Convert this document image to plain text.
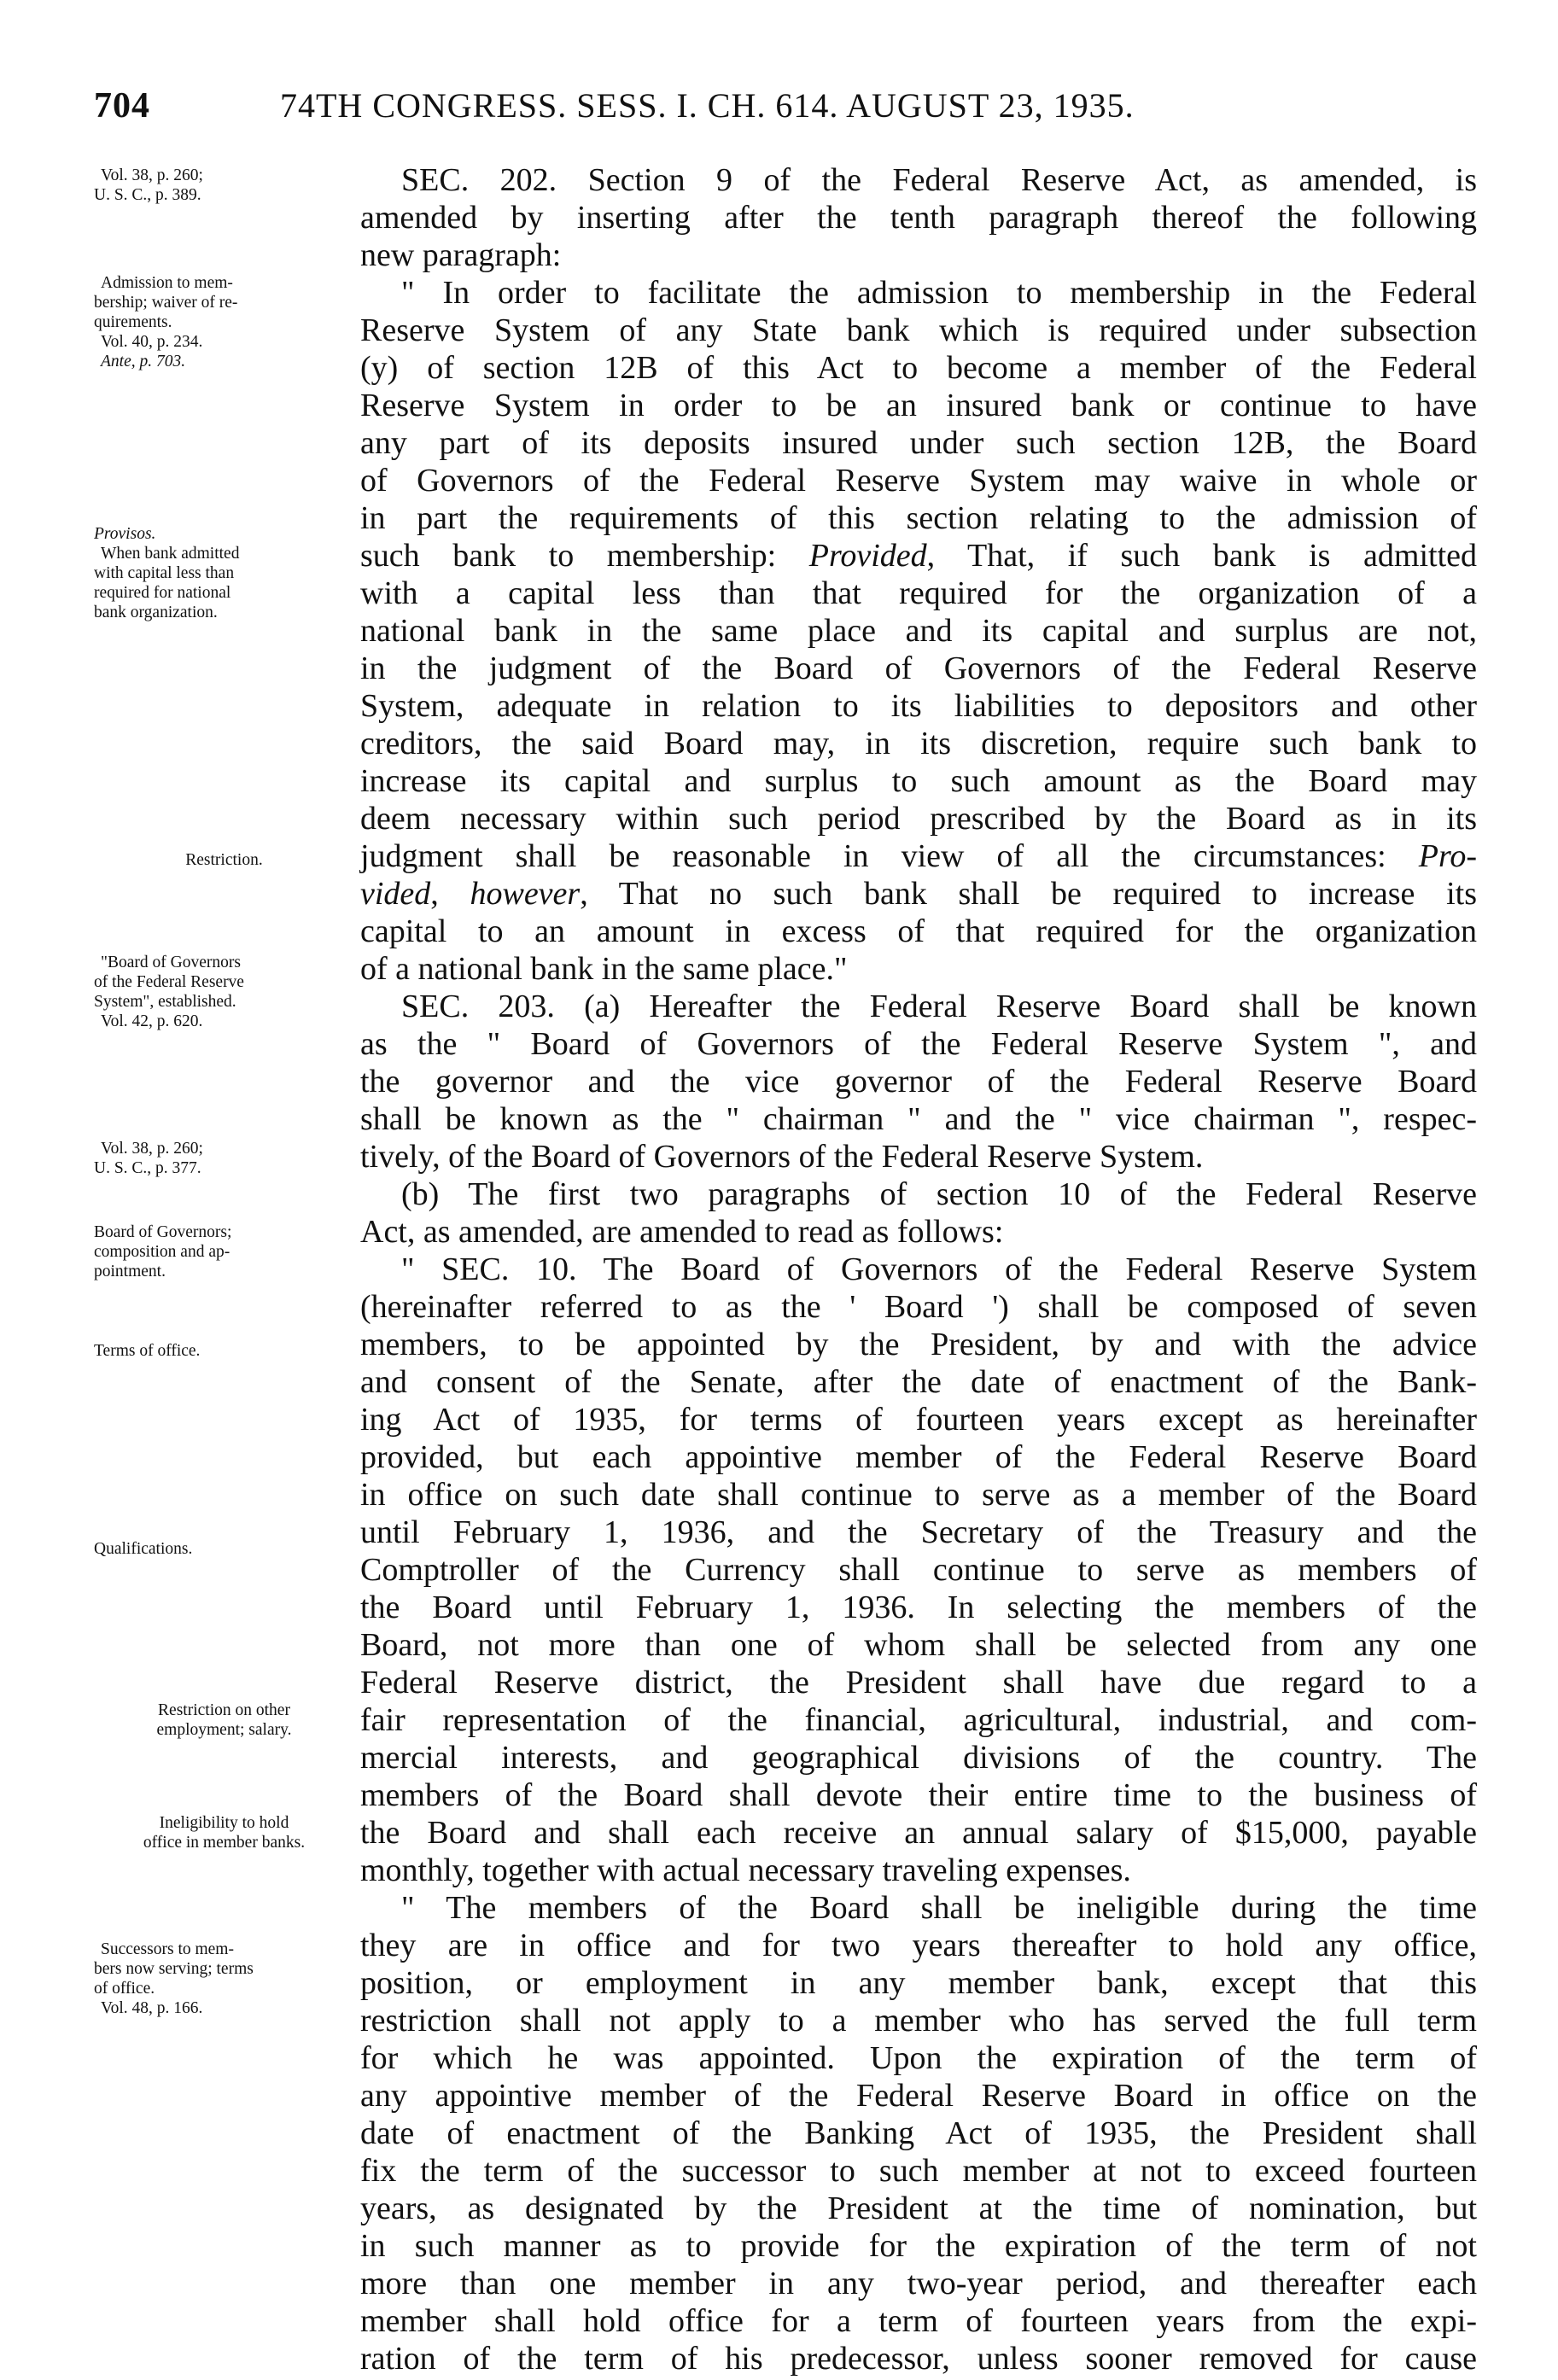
704	74TH CONGRESS. SESS. I. CH. 614. AUGUST 23, 1935.
Vol. 38, p. 260;
U. S. C., p. 389.
Admission to mem-
bership; waiver of re-
quirements.
Vol. 40, p. 234.
Ante, p. 703.
Provisos.
When bank admitted
with capital less than
required for national
bank organization.
Restriction.
"Board of Governors
of the Federal Reserve
System", established.
Vol. 42, p. 620.
Vol. 38, p. 260;
U. S. C., p. 377.
Board of Governors;
composition and ap-
pointment.
Terms of office.
Qualifications.
Restriction on other
employment; salary.
Ineligibility to hold
office in member banks.
Successors to mem-
bers now serving; terms
of office.
Vol. 48, p. 166.
SEC. 202. Section 9 of the Federal Reserve Act, as amended, is
amended by inserting after the tenth paragraph thereof the following
new paragraph:
" In order to facilitate the admission to membership in the Federal
Reserve System of any State bank which is required under subsection
(y) of section 12B of this Act to become a member of the Federal
Reserve System in order to be an insured bank or continue to have
any part of its deposits insured under such section 12B, the Board
of Governors of the Federal Reserve System may waive in whole or
in part the requirements of this section relating to the admission of
such bank to membership: Provided, That, if such bank is admitted
with a capital less than that required for the organization of a
national bank in the same place and its capital and surplus are not,
in the judgment of the Board of Governors of the Federal Reserve
System, adequate in relation to its liabilities to depositors and other
creditors, the said Board may, in its discretion, require such bank to
increase its capital and surplus to such amount as the Board may
deem necessary within such period prescribed by the Board as in its
judgment shall be reasonable in view of all the circumstances: Pro-
vided, however, That no such bank shall be required to increase its
capital to an amount in excess of that required for the organization
of a national bank in the same place."
SEC. 203. (a) Hereafter the Federal Reserve Board shall be known
as the " Board of Governors of the Federal Reserve System ", and
the governor and the vice governor of the Federal Reserve Board
shall be known as the " chairman " and the " vice chairman ", respec-
tively, of the Board of Governors of the Federal Reserve System.
(b) The first two paragraphs of section 10 of the Federal Reserve
Act, as amended, are amended to read as follows:
" SEC. 10. The Board of Governors of the Federal Reserve System
(hereinafter referred to as the ' Board ') shall be composed of seven
members, to be appointed by the President, by and with the advice
and consent of the Senate, after the date of enactment of the Bank-
ing Act of 1935, for terms of fourteen years except as hereinafter
provided, but each appointive member of the Federal Reserve Board
in office on such date shall continue to serve as a member of the Board
until February 1, 1936, and the Secretary of the Treasury and the
Comptroller of the Currency shall continue to serve as members of
the Board until February 1, 1936. In selecting the members of the
Board, not more than one of whom shall be selected from any one
Federal Reserve district, the President shall have due regard to a
fair representation of the financial, agricultural, industrial, and com-
mercial interests, and geographical divisions of the country. The
members of the Board shall devote their entire time to the business of
the Board and shall each receive an annual salary of $15,000, payable
monthly, together with actual necessary traveling expenses.
" The members of the Board shall be ineligible during the time
they are in office and for two years thereafter to hold any office,
position, or employment in any member bank, except that this
restriction shall not apply to a member who has served the full term
for which he was appointed. Upon the expiration of the term of
any appointive member of the Federal Reserve Board in office on the
date of enactment of the Banking Act of 1935, the President shall
fix the term of the successor to such member at not to exceed fourteen
years, as designated by the President at the time of nomination, but
in such manner as to provide for the expiration of the term of not
more than one member in any two-year period, and thereafter each
member shall hold office for a term of fourteen years from the expi-
ration of the term of his predecessor, unless sooner removed for cause
